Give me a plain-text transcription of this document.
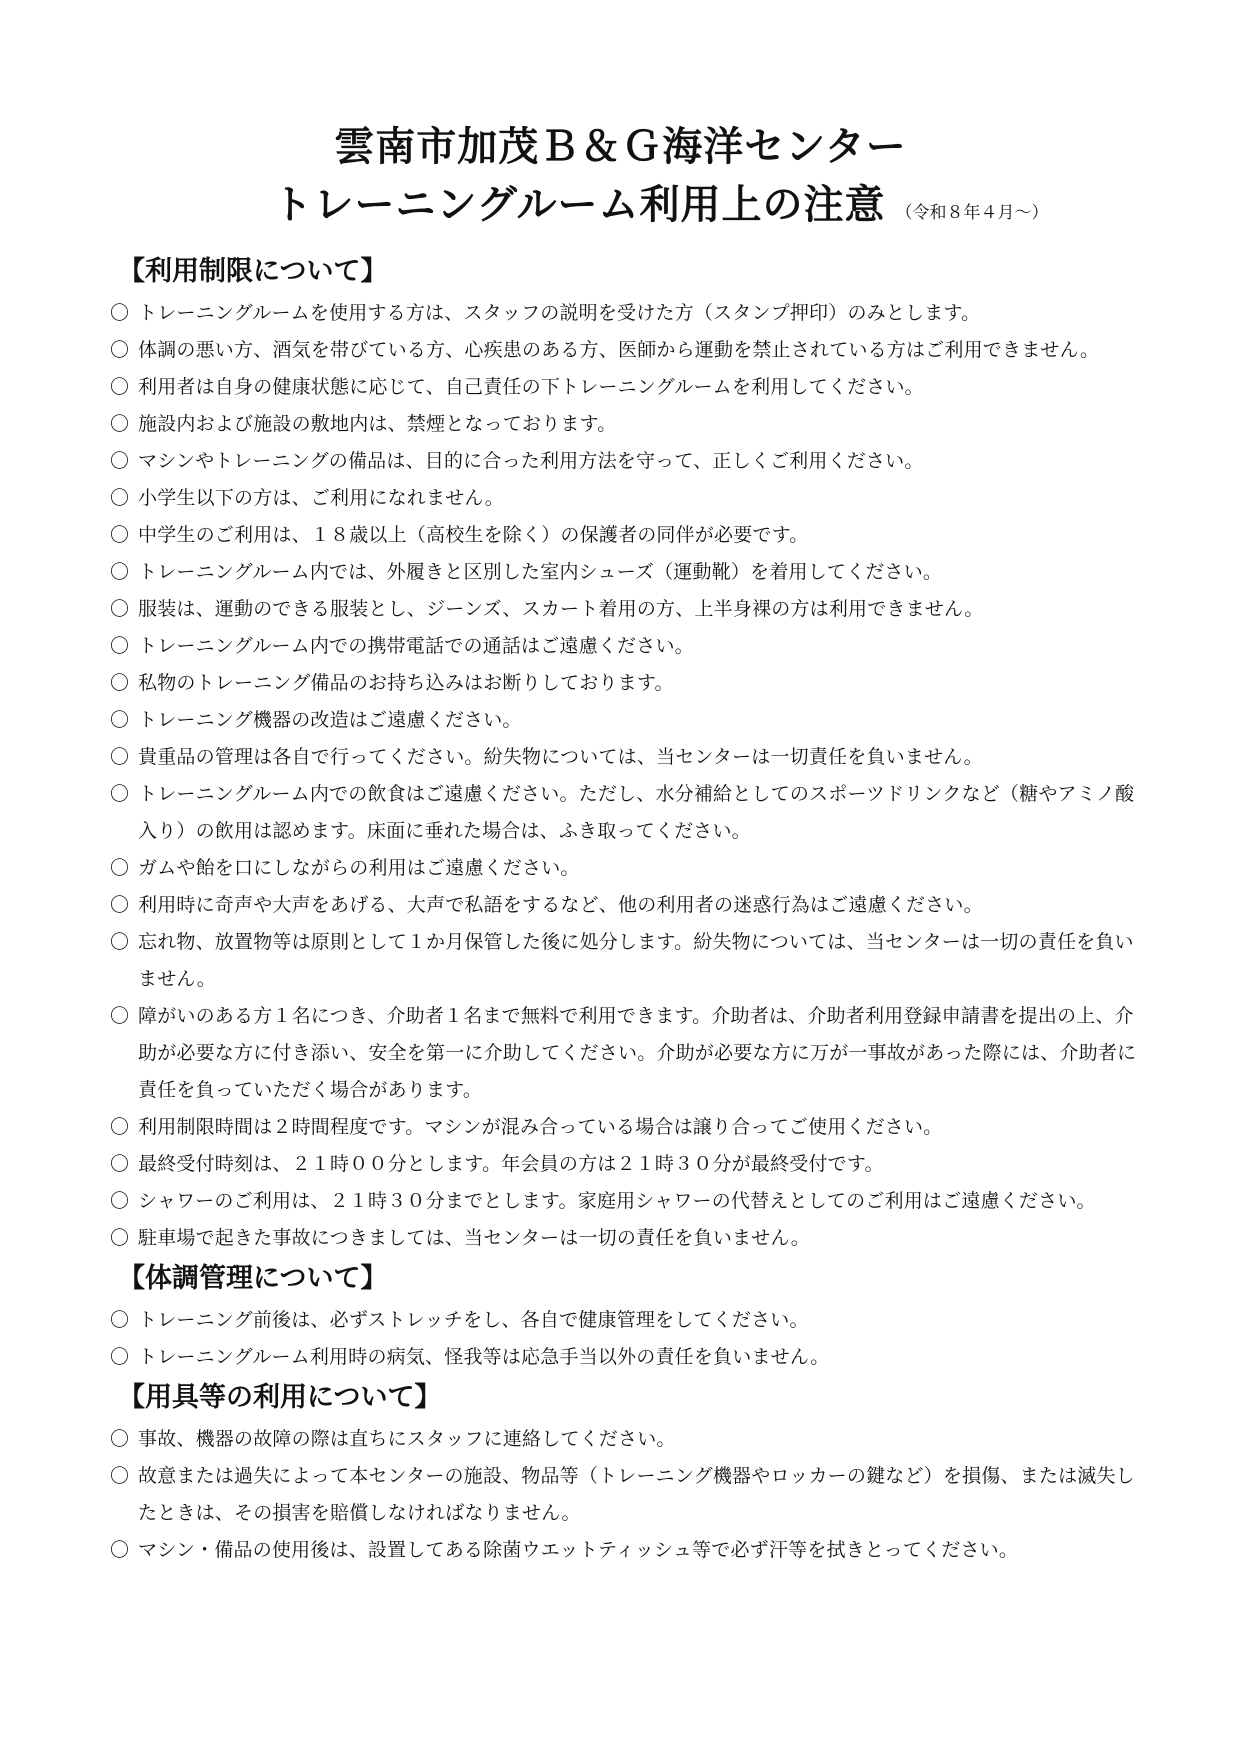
雲南市加茂Ｂ＆Ｇ海洋センター
トレーニングルーム利用上の注意 （令和８年４月～）
【利用制限について】
〇 トレーニングルームを使用する方は、スタッフの説明を受けた方（スタンプ押印）のみとします。
〇 体調の悪い方、酒気を帯びている方、心疾患のある方、医師から運動を禁止されている方はご利用できません。
〇 利用者は自身の健康状態に応じて、自己責任の下トレーニングルームを利用してください。
〇 施設内および施設の敷地内は、禁煙となっております。
〇 マシンやトレーニングの備品は、目的に合った利用方法を守って、正しくご利用ください。
〇 小学生以下の方は、ご利用になれません。
〇 中学生のご利用は、１８歳以上（高校生を除く）の保護者の同伴が必要です。
〇 トレーニングルーム内では、外履きと区別した室内シューズ（運動靴）を着用してください。
〇 服装は、運動のできる服装とし、ジーンズ、スカート着用の方、上半身裸の方は利用できません。
〇 トレーニングルーム内での携帯電話での通話はご遠慮ください。
〇 私物のトレーニング備品のお持ち込みはお断りしております。
〇 トレーニング機器の改造はご遠慮ください。
〇 貴重品の管理は各自で行ってください。紛失物については、当センターは一切責任を負いません。
〇 トレーニングルーム内での飲食はご遠慮ください。ただし、水分補給としてのスポーツドリンクなど（糖やアミノ酸入り）の飲用は認めます。床面に垂れた場合は、ふき取ってください。
〇 ガムや飴を口にしながらの利用はご遠慮ください。
〇 利用時に奇声や大声をあげる、大声で私語をするなど、他の利用者の迷惑行為はご遠慮ください。
〇 忘れ物、放置物等は原則として１か月保管した後に処分します。紛失物については、当センターは一切の責任を負いません。
〇 障がいのある方１名につき、介助者１名まで無料で利用できます。介助者は、介助者利用登録申請書を提出の上、介助が必要な方に付き添い、安全を第一に介助してください。介助が必要な方に万が一事故があった際には、介助者に責任を負っていただく場合があります。
〇 利用制限時間は２時間程度です。マシンが混み合っている場合は譲り合ってご使用ください。
〇 最終受付時刻は、２１時００分とします。年会員の方は２１時３０分が最終受付です。
〇 シャワーのご利用は、２１時３０分までとします。家庭用シャワーの代替えとしてのご利用はご遠慮ください。
〇 駐車場で起きた事故につきましては、当センターは一切の責任を負いません。
【体調管理について】
〇 トレーニング前後は、必ずストレッチをし、各自で健康管理をしてください。
〇 トレーニングルーム利用時の病気、怪我等は応急手当以外の責任を負いません。
【用具等の利用について】
〇 事故、機器の故障の際は直ちにスタッフに連絡してください。
〇 故意または過失によって本センターの施設、物品等（トレーニング機器やロッカーの鍵など）を損傷、または滅失したときは、その損害を賠償しなければなりません。
〇 マシン・備品の使用後は、設置してある除菌ウエットティッシュ等で必ず汗等を拭きとってください。
